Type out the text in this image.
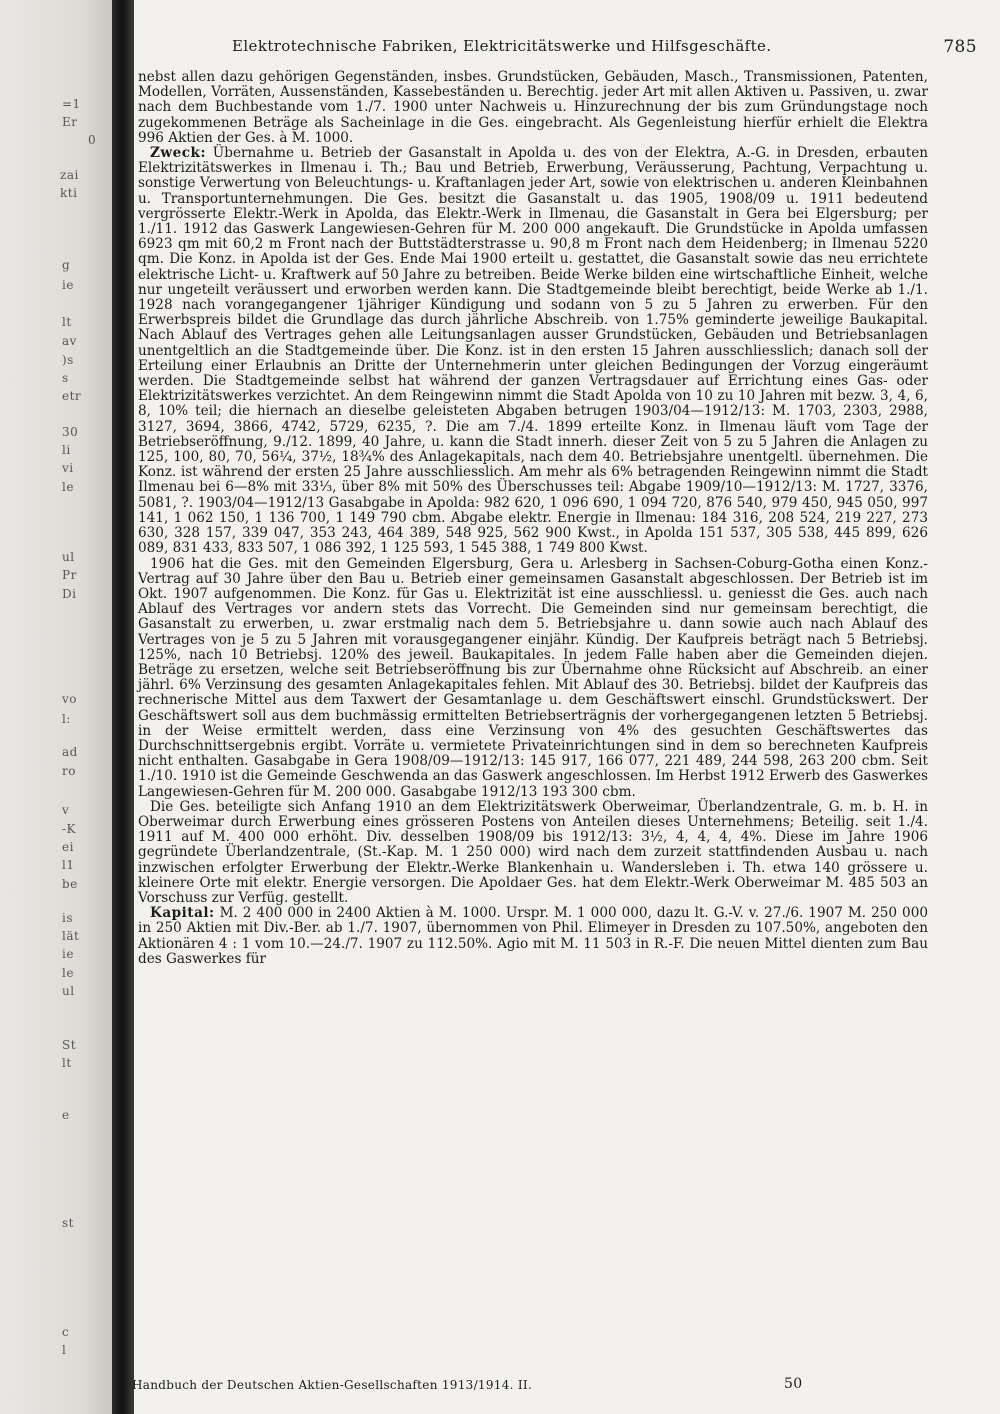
=1
Er
0
zai
kti
g
ie
lt
av
)s
s
etr
30
li
vi
le
ul
Pr
Di
vo
l:
ad
ro
v
-K
ei
l1
be
is
lät
ie
le
ul
St
lt
e
st
c
l
Elektrotechnische Fabriken, Elektricitätswerke und Hilfsgeschäfte.	785

nebst allen dazu gehörigen Gegenständen, insbes. Grundstücken, Gebäuden, Masch., Transmissionen, Patenten, Modellen, Vorräten, Aussenständen, Kassebeständen u. Berechtig. jeder Art mit allen Aktiven u. Passiven, u. zwar nach dem Buchbestande vom 1./7. 1900 unter Nachweis u. Hinzurechnung der bis zum Gründungstage noch zugekommenen Beträge als Sacheinlage in die Ges. eingebracht. Als Gegenleistung hierfür erhielt die Elektra 996 Aktien der Ges. à M. 1000.

Zweck: Übernahme u. Betrieb der Gasanstalt in Apolda u. des von der Elektra, A.-G. in Dresden, erbauten Elektrizitätswerkes in Ilmenau i. Th.; Bau und Betrieb, Erwerbung, Veräusserung, Pachtung, Verpachtung u. sonstige Verwertung von Beleuchtungs- u. Kraftanlagen jeder Art, sowie von elektrischen u. anderen Kleinbahnen u. Transportunternehmungen. Die Ges. besitzt die Gasanstalt u. das 1905, 1908/09 u. 1911 bedeutend vergrösserte Elektr.-Werk in Apolda, das Elektr.-Werk in Ilmenau, die Gasanstalt in Gera bei Elgersburg; per 1./11. 1912 das Gaswerk Langewiesen-Gehren für M. 200 000 angekauft. Die Grundstücke in Apolda umfassen 6923 qm mit 60,2 m Front nach der Buttstädterstrasse u. 90,8 m Front nach dem Heidenberg; in Ilmenau 5220 qm. Die Konz. in Apolda ist der Ges. Ende Mai 1900 erteilt u. gestattet, die Gasanstalt sowie das neu errichtete elektrische Licht- u. Kraftwerk auf 50 Jahre zu betreiben. Beide Werke bilden eine wirtschaftliche Einheit, welche nur ungeteilt veräussert und erworben werden kann. Die Stadtgemeinde bleibt berechtigt, beide Werke ab 1./1. 1928 nach vorangegangener 1jähriger Kündigung und sodann von 5 zu 5 Jahren zu erwerben. Für den Erwerbspreis bildet die Grundlage das durch jährliche Abschreib. von 1.75% geminderte jeweilige Baukapital. Nach Ablauf des Vertrages gehen alle Leitungsanlagen ausser Grundstücken, Gebäuden und Betriebsanlagen unentgeltlich an die Stadtgemeinde über. Die Konz. ist in den ersten 15 Jahren ausschliesslich; danach soll der Erteilung einer Erlaubnis an Dritte der Unternehmerin unter gleichen Bedingungen der Vorzug eingeräumt werden. Die Stadtgemeinde selbst hat während der ganzen Vertragsdauer auf Errichtung eines Gas- oder Elektrizitätswerkes verzichtet. An dem Reingewinn nimmt die Stadt Apolda von 10 zu 10 Jahren mit bezw. 3, 4, 6, 8, 10% teil; die hiernach an dieselbe geleisteten Abgaben betrugen 1903/04—1912/13: M. 1703, 2303, 2988, 3127, 3694, 3866, 4742, 5729, 6235, ?. Die am 7./4. 1899 erteilte Konz. in Ilmenau läuft vom Tage der Betriebseröffnung, 9./12. 1899, 40 Jahre, u. kann die Stadt innerh. dieser Zeit von 5 zu 5 Jahren die Anlagen zu 125, 100, 80, 70, 56¼, 37½, 18¾% des Anlagekapitals, nach dem 40. Betriebsjahre unentgeltl. übernehmen. Die Konz. ist während der ersten 25 Jahre ausschliesslich. Am mehr als 6% betragenden Reingewinn nimmt die Stadt Ilmenau bei 6—8% mit 33⅓, über 8% mit 50% des Überschusses teil: Abgabe 1909/10—1912/13: M. 1727, 3376, 5081, ?. 1903/04—1912/13 Gasabgabe in Apolda: 982 620, 1 096 690, 1 094 720, 876 540, 979 450, 945 050, 997 141, 1 062 150, 1 136 700, 1 149 790 cbm. Abgabe elektr. Energie in Ilmenau: 184 316, 208 524, 219 227, 273 630, 328 157, 339 047, 353 243, 464 389, 548 925, 562 900 Kwst., in Apolda 151 537, 305 538, 445 899, 626 089, 831 433, 833 507, 1 086 392, 1 125 593, 1 545 388, 1 749 800 Kwst.

1906 hat die Ges. mit den Gemeinden Elgersburg, Gera u. Arlesberg in Sachsen-Coburg-Gotha einen Konz.-Vertrag auf 30 Jahre über den Bau u. Betrieb einer gemeinsamen Gasanstalt abgeschlossen. Der Betrieb ist im Okt. 1907 aufgenommen. Die Konz. für Gas u. Elektrizität ist eine ausschliessl. u. geniesst die Ges. auch nach Ablauf des Vertrages vor andern stets das Vorrecht. Die Gemeinden sind nur gemeinsam berechtigt, die Gasanstalt zu erwerben, u. zwar erstmalig nach dem 5. Betriebsjahre u. dann sowie auch nach Ablauf des Vertrages von je 5 zu 5 Jahren mit vorausgegangener einjähr. Kündig. Der Kaufpreis beträgt nach 5 Betriebsj. 125%, nach 10 Betriebsj. 120% des jeweil. Baukapitales. In jedem Falle haben aber die Gemeinden diejen. Beträge zu ersetzen, welche seit Betriebseröffnung bis zur Übernahme ohne Rücksicht auf Abschreib. an einer jährl. 6% Verzinsung des gesamten Anlagekapitales fehlen. Mit Ablauf des 30. Betriebsj. bildet der Kaufpreis das rechnerische Mittel aus dem Taxwert der Gesamtanlage u. dem Geschäftswert einschl. Grundstückswert. Der Geschäftswert soll aus dem buchmässig ermittelten Betriebserträgnis der vorhergegangenen letzten 5 Betriebsj. in der Weise ermittelt werden, dass eine Verzinsung von 4% des gesuchten Geschäftswertes das Durchschnittsergebnis ergibt. Vorräte u. vermietete Privateinrichtungen sind in dem so berechneten Kaufpreis nicht enthalten. Gasabgabe in Gera 1908/09—1912/13: 145 917, 166 077, 221 489, 244 598, 263 200 cbm. Seit 1./10. 1910 ist die Gemeinde Geschwenda an das Gaswerk angeschlossen. Im Herbst 1912 Erwerb des Gaswerkes Langewiesen-Gehren für M. 200 000. Gasabgabe 1912/13 193 300 cbm.

Die Ges. beteiligte sich Anfang 1910 an dem Elektrizitätswerk Oberweimar, Überlandzentrale, G. m. b. H. in Oberweimar durch Erwerbung eines grösseren Postens von Anteilen dieses Unternehmens; Beteilig. seit 1./4. 1911 auf M. 400 000 erhöht. Div. desselben 1908/09 bis 1912/13: 3½, 4, 4, 4, 4%. Diese im Jahre 1906 gegründete Überlandzentrale, (St.-Kap. M. 1 250 000) wird nach dem zurzeit stattfindenden Ausbau u. nach inzwischen erfolgter Erwerbung der Elektr.-Werke Blankenhain u. Wandersleben i. Th. etwa 140 grössere u. kleinere Orte mit elektr. Energie versorgen. Die Apoldaer Ges. hat dem Elektr.-Werk Oberweimar M. 485 503 an Vorschuss zur Verfüg. gestellt.

Kapital: M. 2 400 000 in 2400 Aktien à M. 1000. Urspr. M. 1 000 000, dazu lt. G.-V. v. 27./6. 1907 M. 250 000 in 250 Aktien mit Div.-Ber. ab 1./7. 1907, übernommen von Phil. Elimeyer in Dresden zu 107.50%, angeboten den Aktionären 4 : 1 vom 10.—24./7. 1907 zu 112.50%. Agio mit M. 11 503 in R.-F. Die neuen Mittel dienten zum Bau des Gaswerkes für

Handbuch der Deutschen Aktien-Gesellschaften 1913/1914. II.	50
